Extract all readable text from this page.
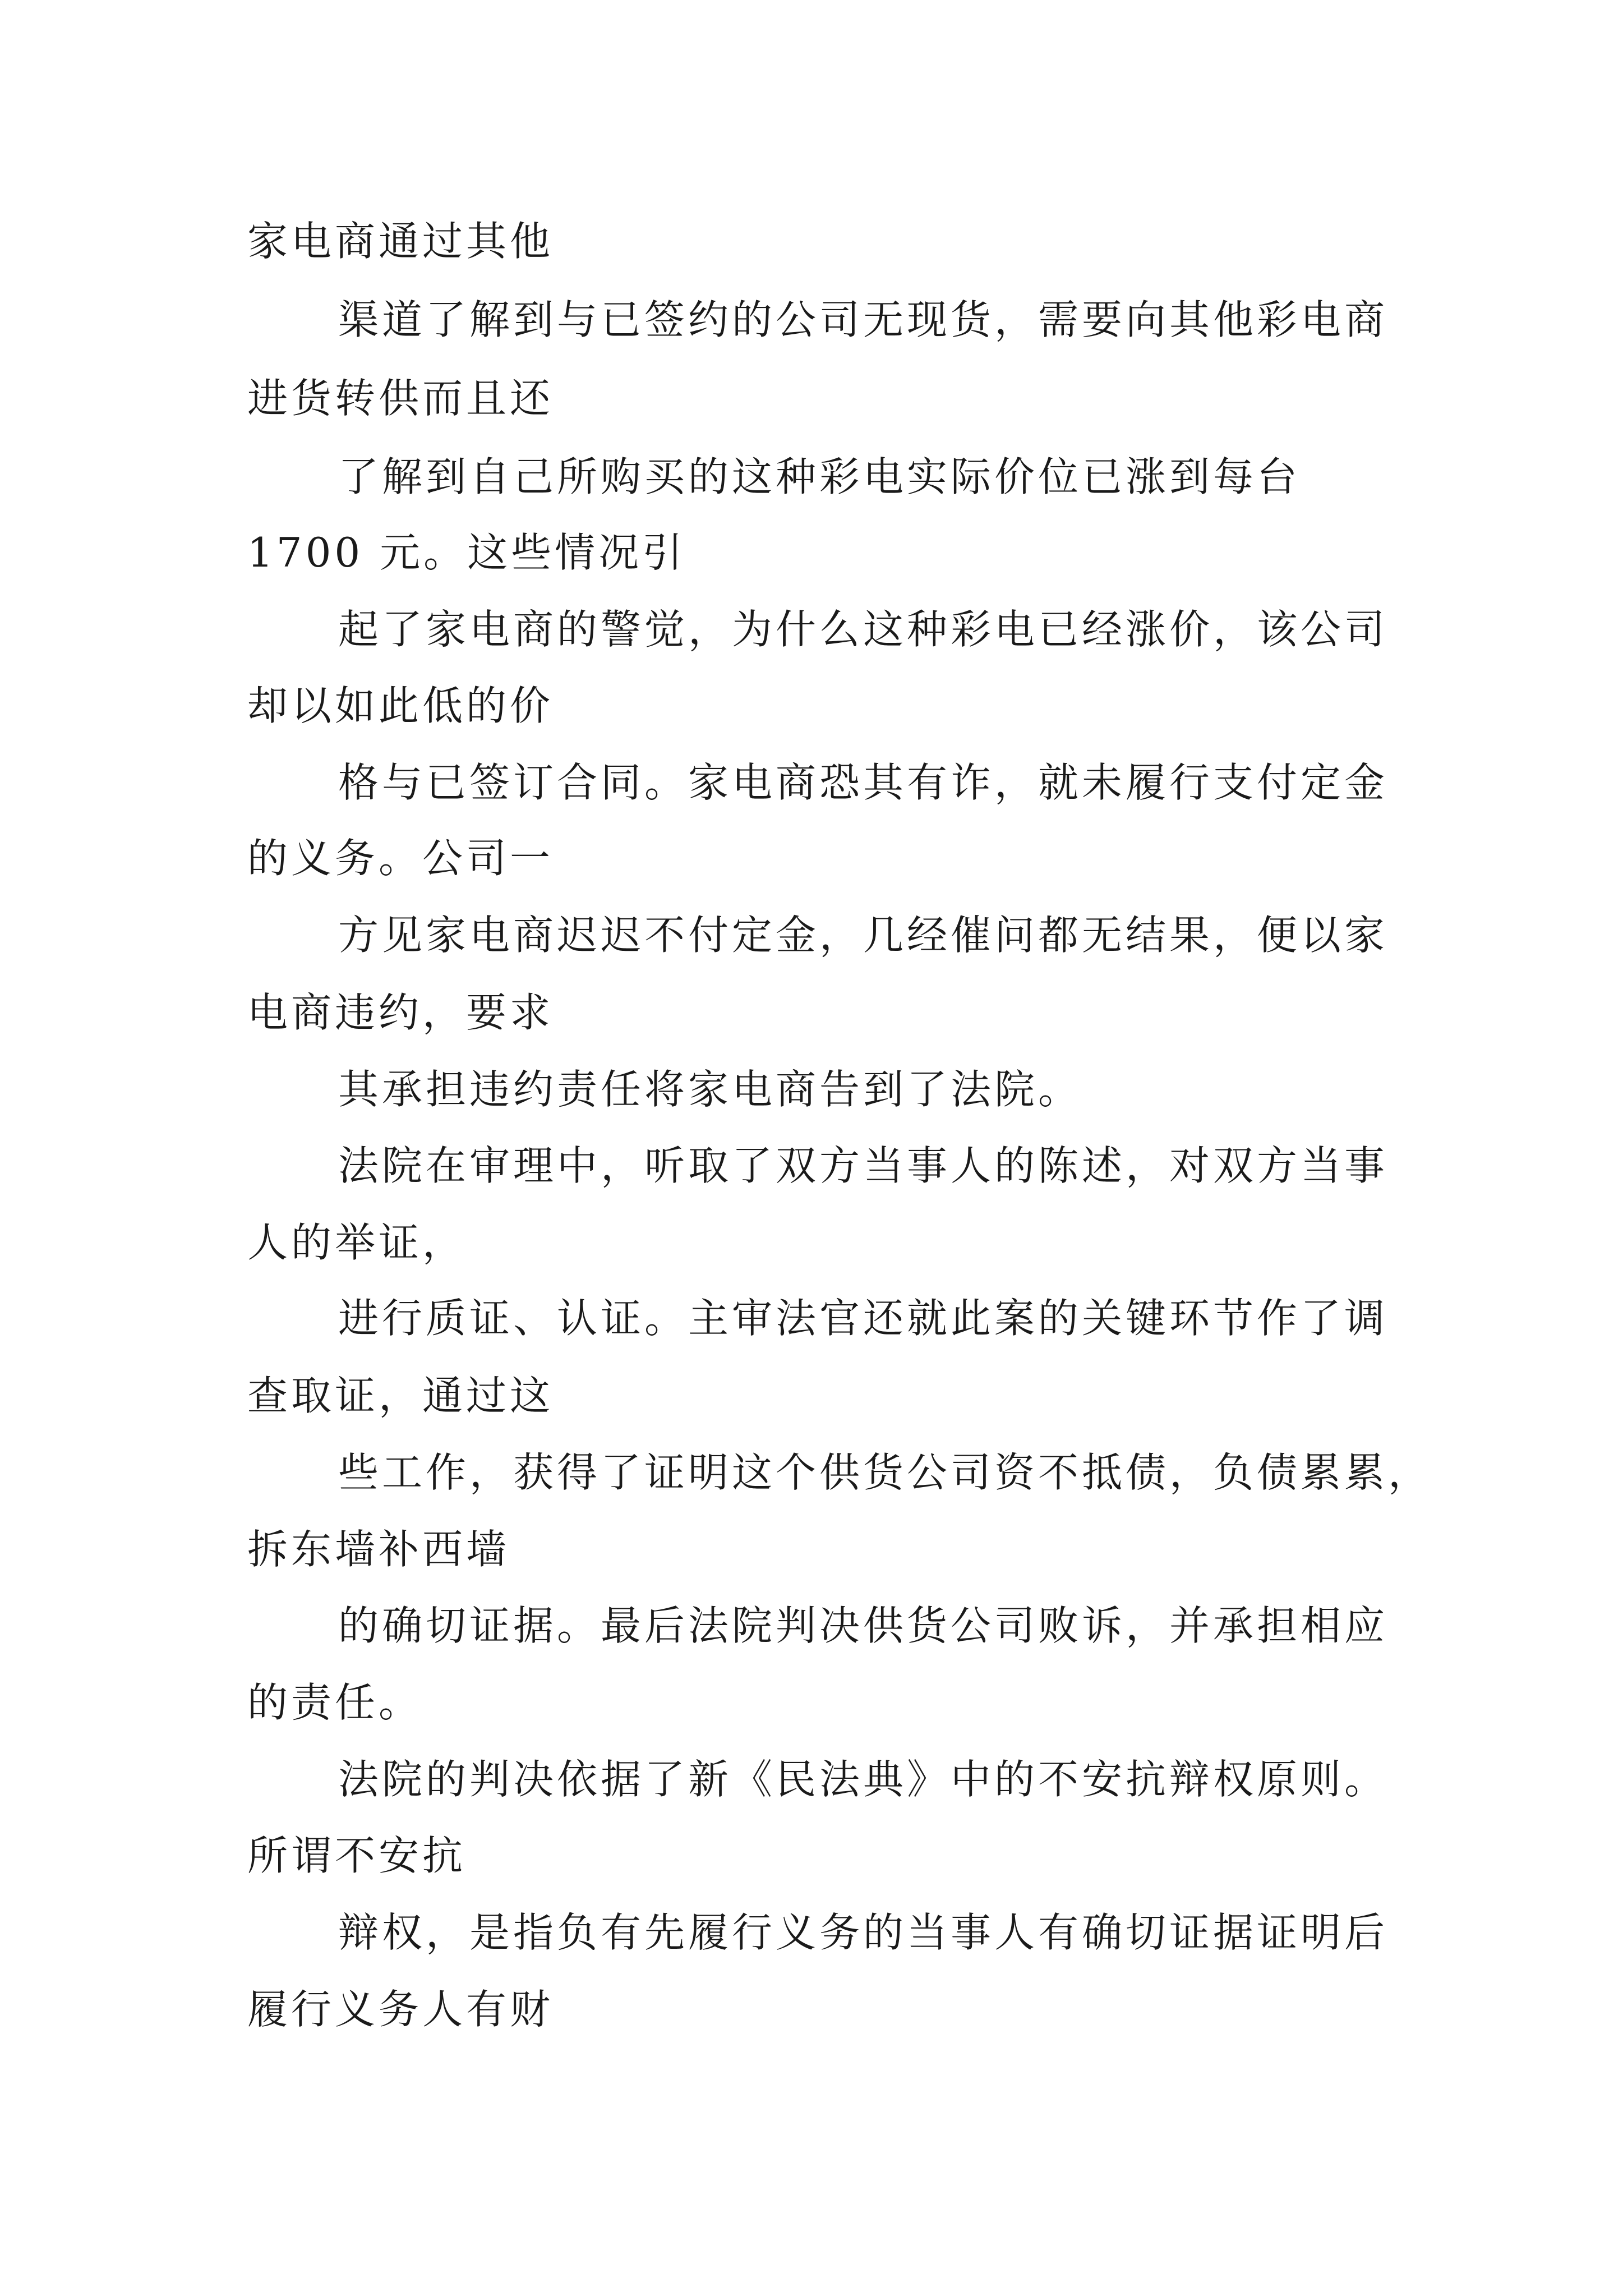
家电商通过其他

渠道了解到与已签约的公司无现货，需要向其他彩电商

进货转供而且还

了解到自己所购买的这种彩电实际价位已涨到每台

1700 元。这些情况引

起了家电商的警觉，为什么这种彩电已经涨价，该公司

却以如此低的价

格与已签订合同。家电商恐其有诈，就未履行支付定金

的义务。公司一

方见家电商迟迟不付定金，几经催问都无结果，便以家

电商违约，要求

其承担违约责任将家电商告到了法院。

法院在审理中，听取了双方当事人的陈述，对双方当事

人的举证，

进行质证、认证。主审法官还就此案的关键环节作了调

查取证，通过这

些工作，获得了证明这个供货公司资不抵债，负债累累，

拆东墙补西墙

的确切证据。最后法院判决供货公司败诉，并承担相应

的责任。

法院的判决依据了新《民法典》中的不安抗辩权原则。

所谓不安抗

辩权，是指负有先履行义务的当事人有确切证据证明后

履行义务人有财
